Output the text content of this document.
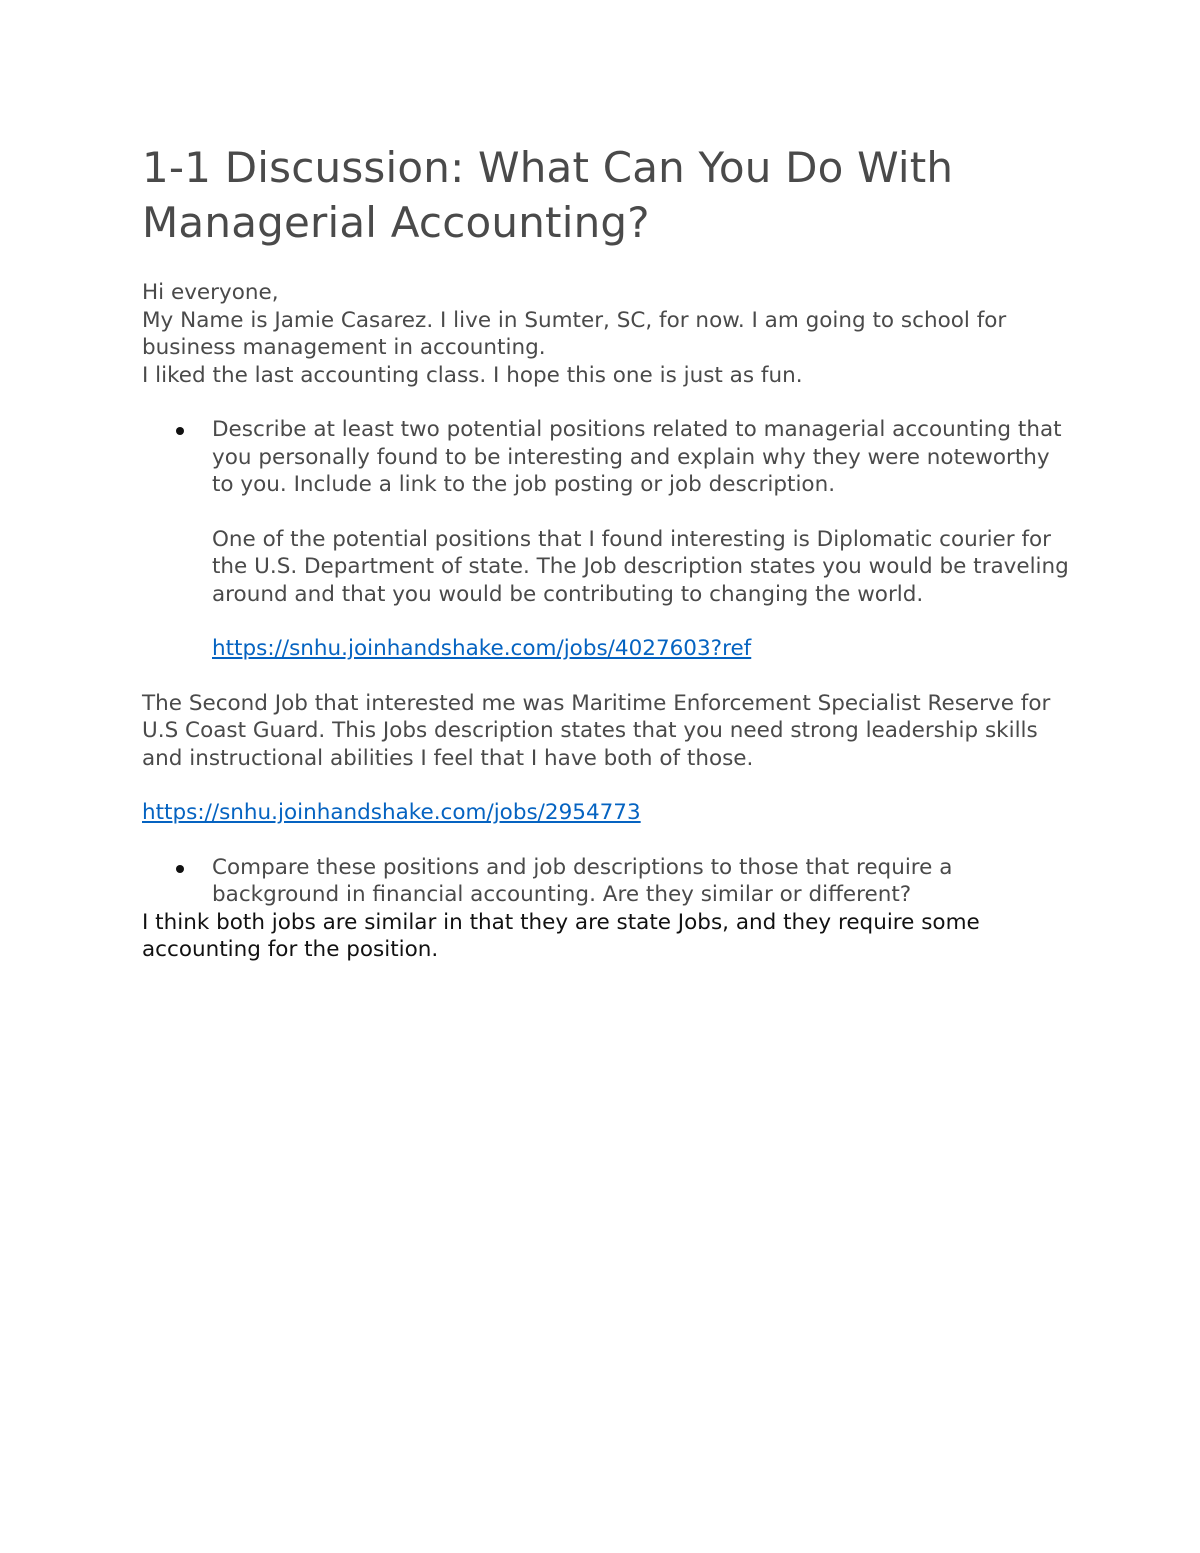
1-1 Discussion: What Can You Do With
Managerial Accounting?
Hi everyone,
My Name is Jamie Casarez. I live in Sumter, SC, for now. I am going to school for business management in accounting.
I liked the last accounting class. I hope this one is just as fun.
Describe at least two potential positions related to managerial accounting that you personally found to be interesting and explain why they were noteworthy to you. Include a link to the job posting or job description.
One of the potential positions that I found interesting is Diplomatic courier for the U.S. Department of state. The Job description states you would be traveling around and that you would be contributing to changing the world.
https://snhu.joinhandshake.com/jobs/4027603?ref
The Second Job that interested me was Maritime Enforcement Specialist Reserve for U.S Coast Guard. This Jobs description states that you need strong leadership skills and instructional abilities I feel that I have both of those.
https://snhu.joinhandshake.com/jobs/2954773
Compare these positions and job descriptions to those that require a background in financial accounting. Are they similar or different?
I think both jobs are similar in that they are state Jobs, and they require some accounting for the position.
